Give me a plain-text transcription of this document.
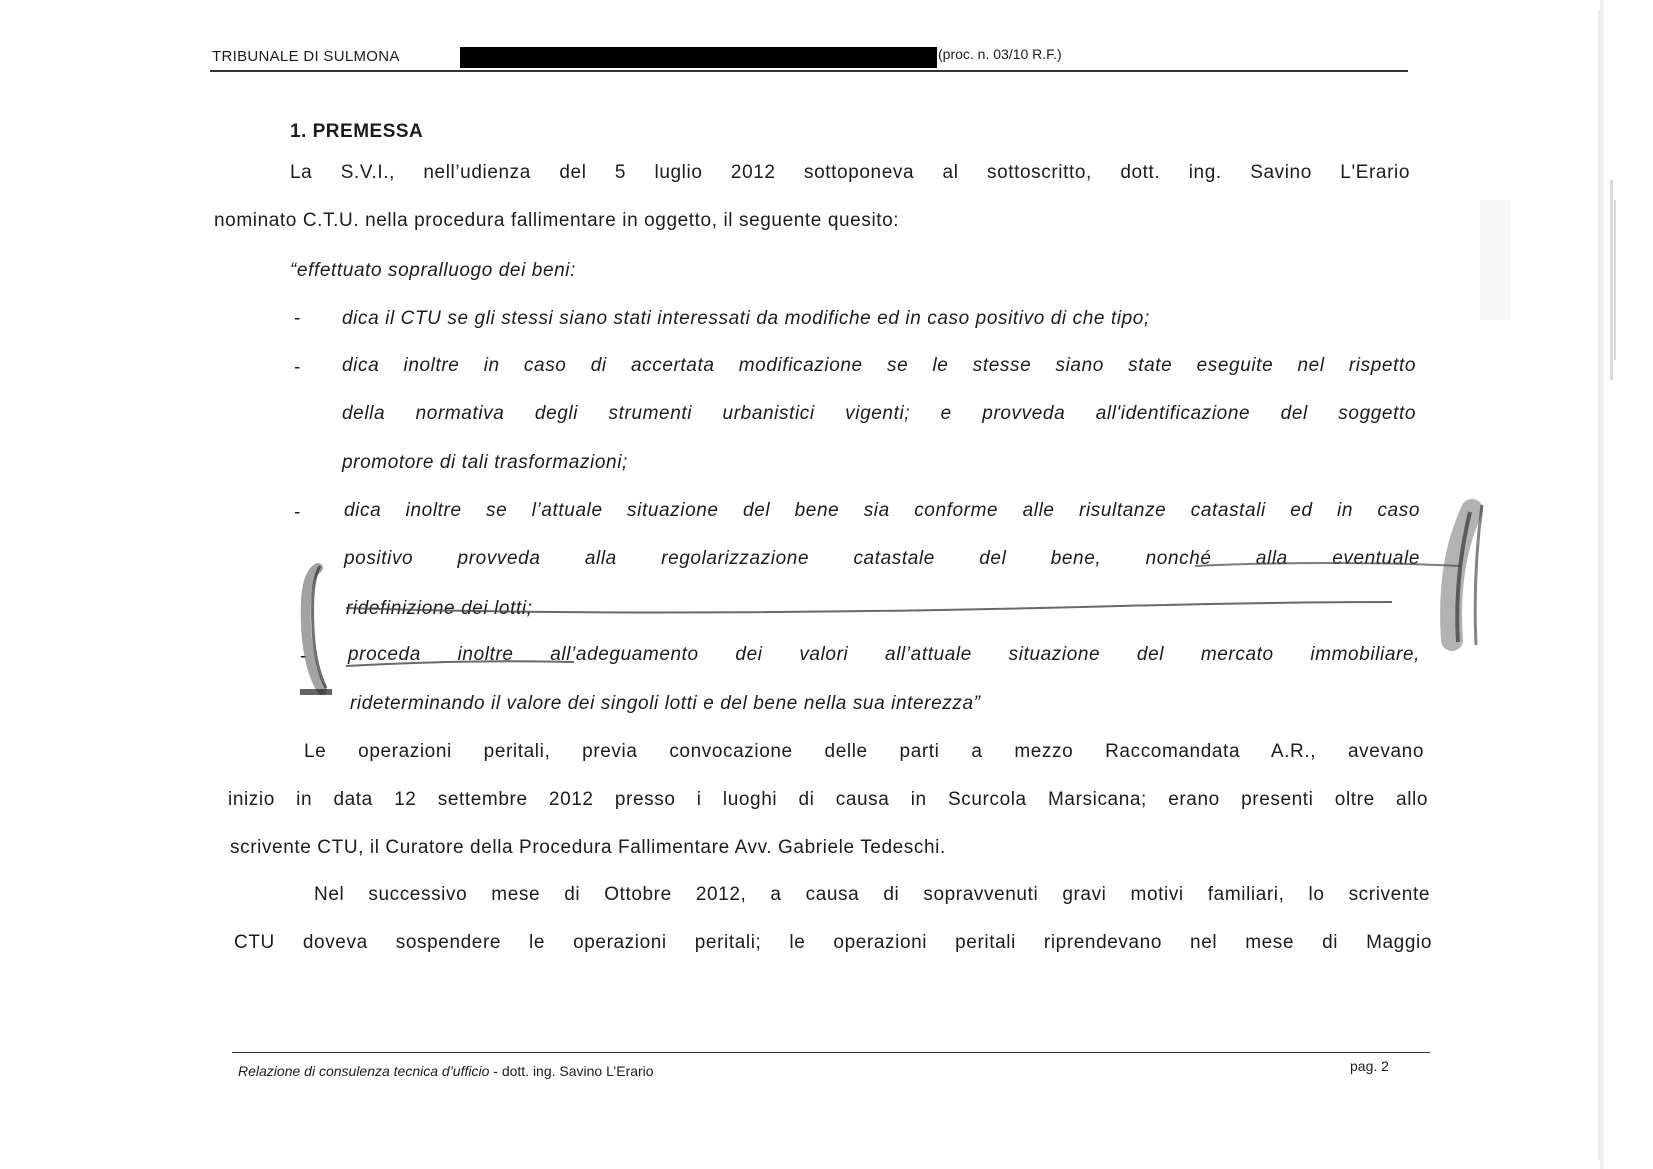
TRIBUNALE DI SULMONA	(proc. n. 03/10 R.F.)
1. PREMESSA
La S.V.I., nell’udienza del 5 luglio 2012 sottoponeva al sottoscritto, dott. ing. Savino L'Erario
nominato C.T.U. nella procedura fallimentare in oggetto, il seguente quesito:
“effettuato sopralluogo dei beni:
- dica il CTU se gli stessi siano stati interessati da modifiche ed in caso positivo di che tipo;
- dica inoltre in caso di accertata modificazione se le stesse siano state eseguite nel rispetto
della normativa degli strumenti urbanistici vigenti; e provveda all'identificazione del soggetto
promotore di tali trasformazioni;
- dica inoltre se l’attuale situazione del bene sia conforme alle risultanze catastali ed in caso
positivo provveda alla regolarizzazione catastale del bene, nonché alla eventuale
ridefinizione dei lotti;
- proceda inoltre all’adeguamento dei valori all’attuale situazione del mercato immobiliare,
rideterminando il valore dei singoli lotti e del bene nella sua interezza”
Le operazioni peritali, previa convocazione delle parti a mezzo Raccomandata A.R., avevano
inizio in data 12 settembre 2012 presso i luoghi di causa in Scurcola Marsicana; erano presenti oltre allo
scrivente CTU, il Curatore della Procedura Fallimentare Avv. Gabriele Tedeschi.
Nel successivo mese di Ottobre 2012, a causa di sopravvenuti gravi motivi familiari, lo scrivente
CTU doveva sospendere le operazioni peritali; le operazioni peritali riprendevano nel mese di Maggio
Relazione di consulenza tecnica d’ufficio - dott. ing. Savino L’Erario	pag. 2
